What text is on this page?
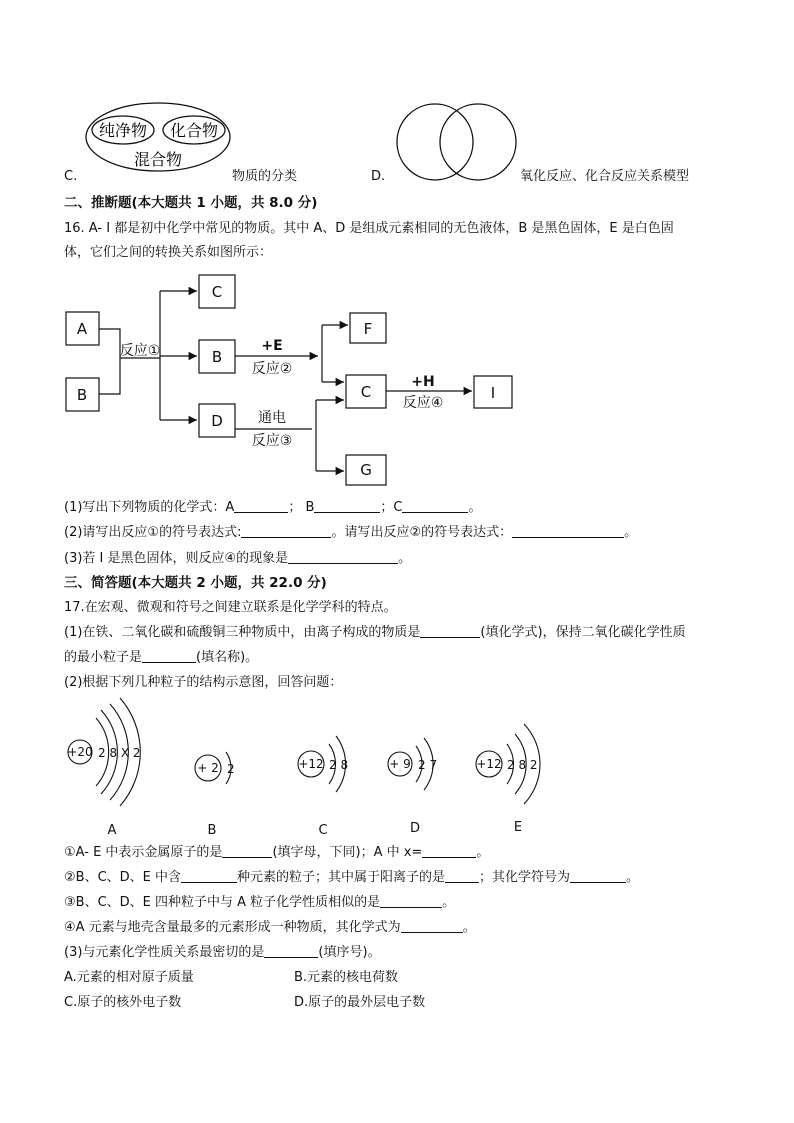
纯净物 化合物
混合物
C.	物质的分类	D.	氧化反应、化合反应关系模型
二、推断题(本大题共 1 小题，共 8.0 分)
16. A- I 都是初中化学中常见的物质。其中 A、D 是组成元素相同的无色液体，B 是黑色固体，E 是白色固
体，它们之间的转换关系如图所示：
A
B
C
B
D
F
C
G
I
反应①	+E
反应②
通电
反应③
+H
反应④
(1)写出下列物质的化学式：A	； B	；C	。
(2)请写出反应①的符号表达式:	。请写出反应②的符号表达式：	。
(3)若 I 是黑色固体，则反应④的现象是	。
三、简答题(本大题共 2 小题，共 22.0 分)
17.在宏观、微观和符号之间建立联系是化学学科的特点。
(1)在铁、二氧化碳和硫酸铜三种物质中，由离子构成的物质是	(填化学式)，保持二氧化碳化学性质
的最小粒子是	(填名称)。
(2)根据下列几种粒子的结构示意图，回答问题：
+20 2 8 X 2
+ 2 2	+12 2 8	+ 9 2 7	+12 2 8 2
A	B	C	D	E
①A- E 中表示金属原子的是	(填字母，下同)；A 中 x=	。
②B、C、D、E 中含	种元素的粒子；其中属于阳离子的是	；其化学符号为	。
③B、C、D、E 四种粒子中与 A 粒子化学性质相似的是	。
④A 元素与地壳含量最多的元素形成一种物质，其化学式为	。
(3)与元素化学性质关系最密切的是	(填序号)。
A.元素的相对原子质量	B.元素的核电荷数
C.原子的核外电子数	D.原子的最外层电子数
